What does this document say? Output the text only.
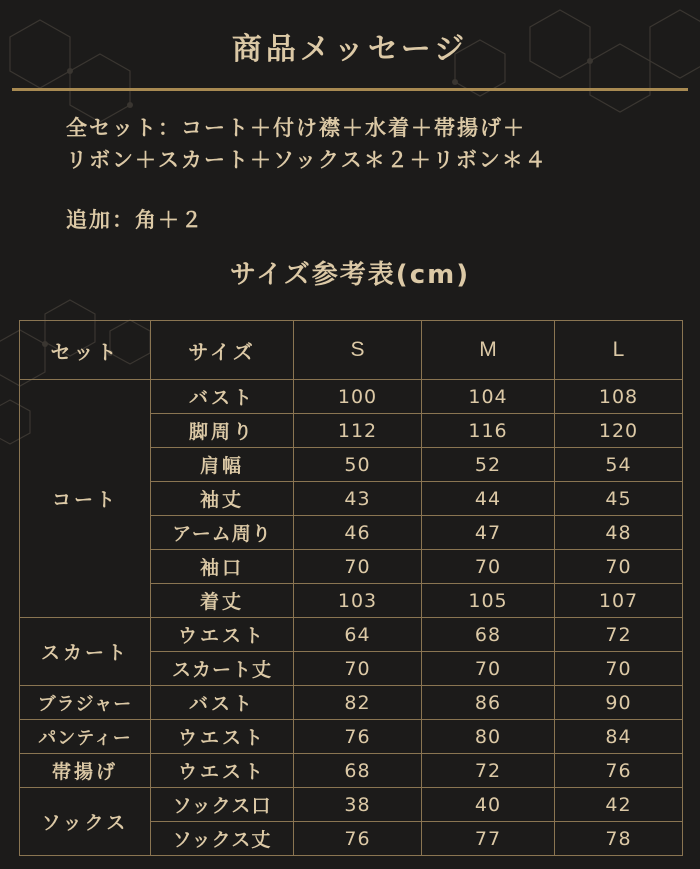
商品メッセージ
全セット：コート＋付け襟＋水着＋帯揚げ＋
リボン＋スカート＋ソックス＊２＋リボン＊４
追加：角＋２
サイズ参考表(cm)
セット	サイズ	S	M	L
コート	バスト	100	104	108
	脚周り	112	116	120
	肩幅	50	52	54
	袖丈	43	44	45
	アーム周り	46	47	48
	袖口	70	70	70
	着丈	103	105	107
スカート	ウエスト	64	68	72
	スカート丈	70	70	70
ブラジャー	バスト	82	86	90
パンティー	ウエスト	76	80	84
帯揚げ	ウエスト	68	72	76
ソックス	ソックス口	38	40	42
	ソックス丈	76	77	78
